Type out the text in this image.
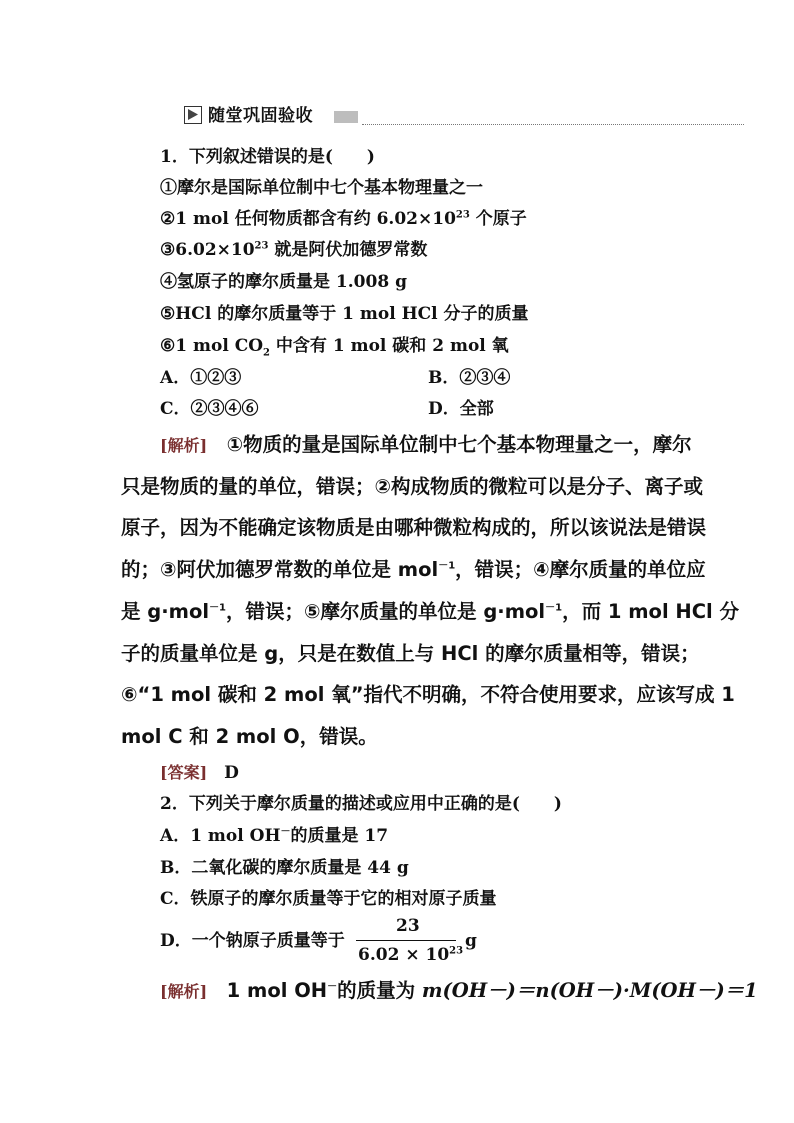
随堂巩固验收
1．下列叙述错误的是(　　)
①摩尔是国际单位制中七个基本物理量之一
②1 mol 任何物质都含有约 $6.02\times 10^{23}$ 个原子
$③6.02\times 10^{23}$ 就是阿伏加德罗常数
④氢原子的摩尔质量是 1.008 g
⑤HCl 的摩尔质量等于 1 mol HCl 分子的质量
⑥1 mol $CO_2$ 中含有 1 mol 碳和 2 mol 氧
A．①②③	B．②③④
C．②③④⑥	D．全部
[解析]  ①物质的量是国际单位制中七个基本物理量之一，摩尔
只是物质的量的单位，错误；②构成物质的微粒可以是分子、离子或
原子，因为不能确定该物质是由哪种微粒构成的，所以该说法是错误
的；③阿伏加德罗常数的单位是 mol$^{-1}$，错误；④摩尔质量的单位应
是 g·mol$^{-1}$，错误；⑤摩尔质量的单位是 g·mol$^{-1}$，而 1 mol HCl 分
子的质量单位是 g，只是在数值上与 HCl 的摩尔质量相等，错误；
⑥“1 mol 碳和 2 mol 氧”指代不明确，不符合使用要求，应该写成 1
mol C 和 2 mol O，错误。
[答案]  D
2．下列关于摩尔质量的描述或应用中正确的是(　　)
A．1 mol OH－的质量是 17
B．二氧化碳的摩尔质量是 44 g
C．铁原子的摩尔质量等于它的相对原子质量
D．一个钠原子质量等于
23
$6.02 \times 10^{23}$ g
[解析]  1 mol OH－的质量为 m(OH－)＝n(OH－)·M(OH－)＝1
